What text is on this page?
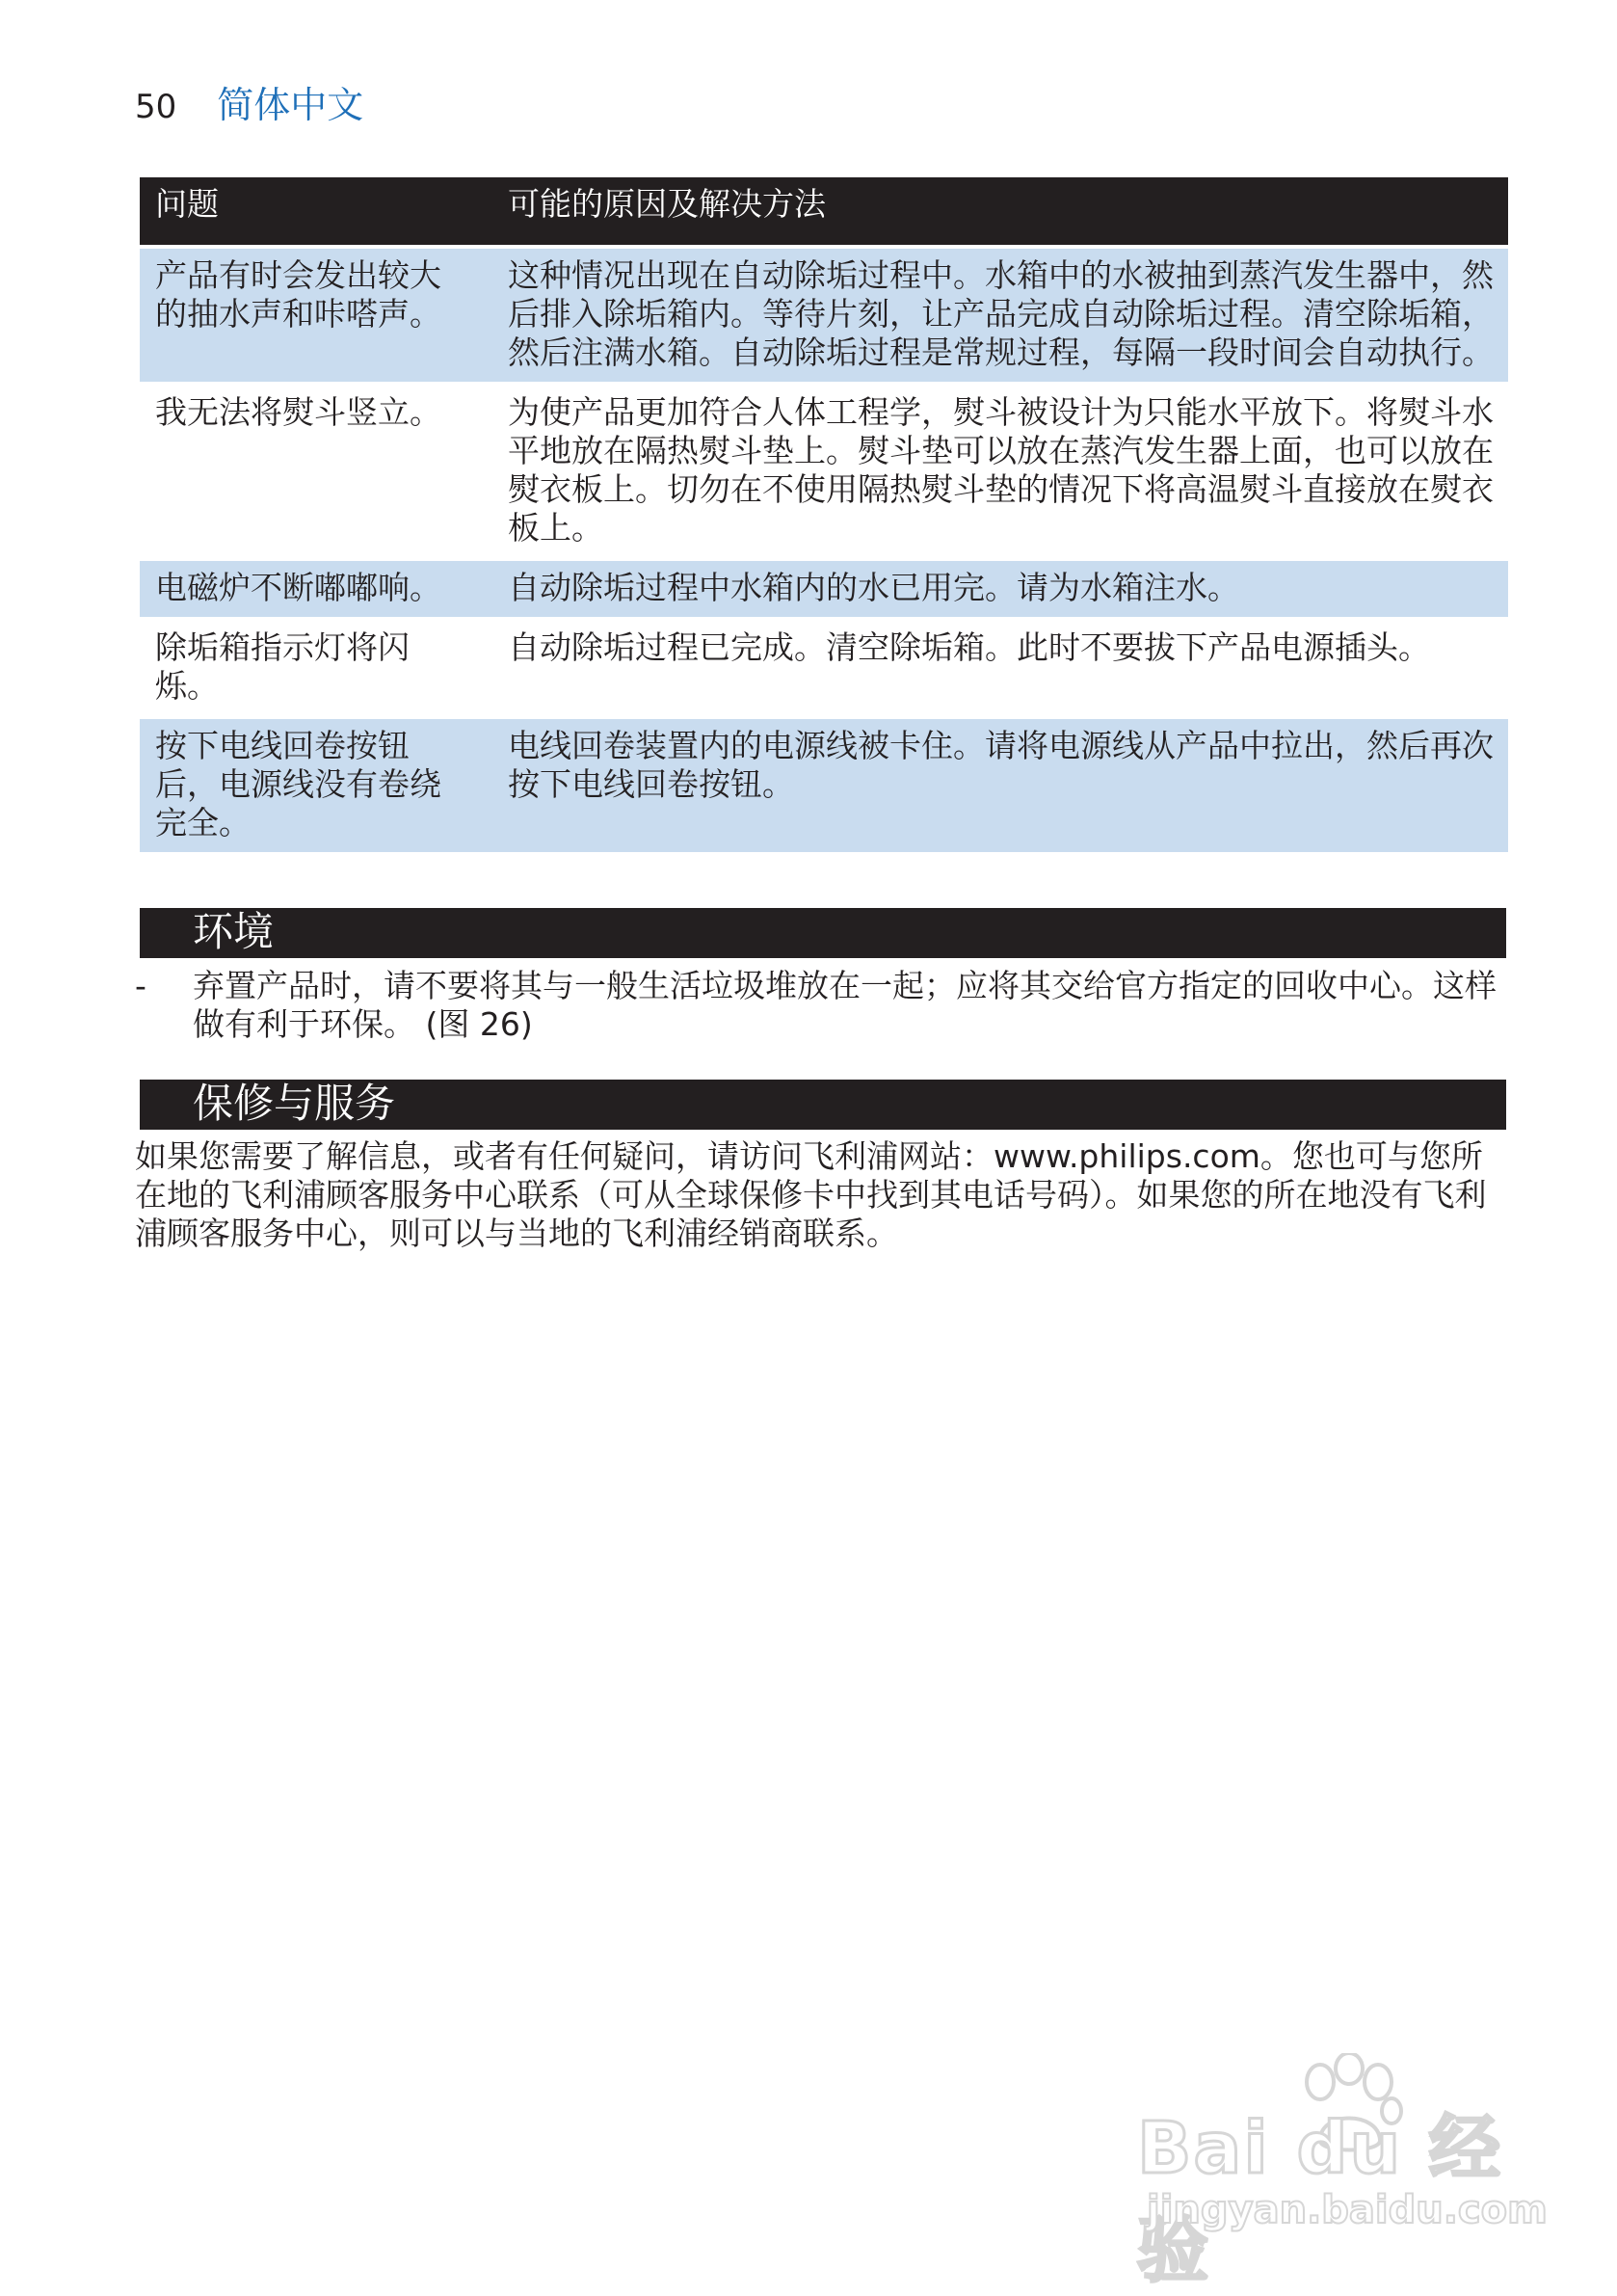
50 简体中文
问题	可能的原因及解决方法
产品有时会发出较大的抽水声和咔嗒声。	这种情况出现在自动除垢过程中。水箱中的水被抽到蒸汽发生器中，然后排入除垢箱内。等待片刻，让产品完成自动除垢过程。清空除垢箱，然后注满水箱。自动除垢过程是常规过程，每隔一段时间会自动执行。
我无法将熨斗竖立。	为使产品更加符合人体工程学，熨斗被设计为只能水平放下。将熨斗水平地放在隔热熨斗垫上。熨斗垫可以放在蒸汽发生器上面，也可以放在熨衣板上。切勿在不使用隔热熨斗垫的情况下将高温熨斗直接放在熨衣板上。
电磁炉不断嘟嘟响。	自动除垢过程中水箱内的水已用完。请为水箱注水。
除垢箱指示灯将闪烁。	自动除垢过程已完成。清空除垢箱。此时不要拔下产品电源插头。
按下电线回卷按钮后，电源线没有卷绕完全。	电线回卷装置内的电源线被卡住。请将电源线从产品中拉出，然后再次按下电线回卷按钮。
环境
-	弃置产品时，请不要将其与一般生活垃圾堆放在一起；应将其交给官方指定的回收中心。这样做有利于环保。 (图 26)
保修与服务
如果您需要了解信息，或者有任何疑问，请访问飞利浦网站：www.philips.com。您也可与您所在地的飞利浦顾客服务中心联系（可从全球保修卡中找到其电话号码）。如果您的所在地没有飞利浦顾客服务中心，则可以与当地的飞利浦经销商联系。
Bai du 经验
jingyan.baidu.com
